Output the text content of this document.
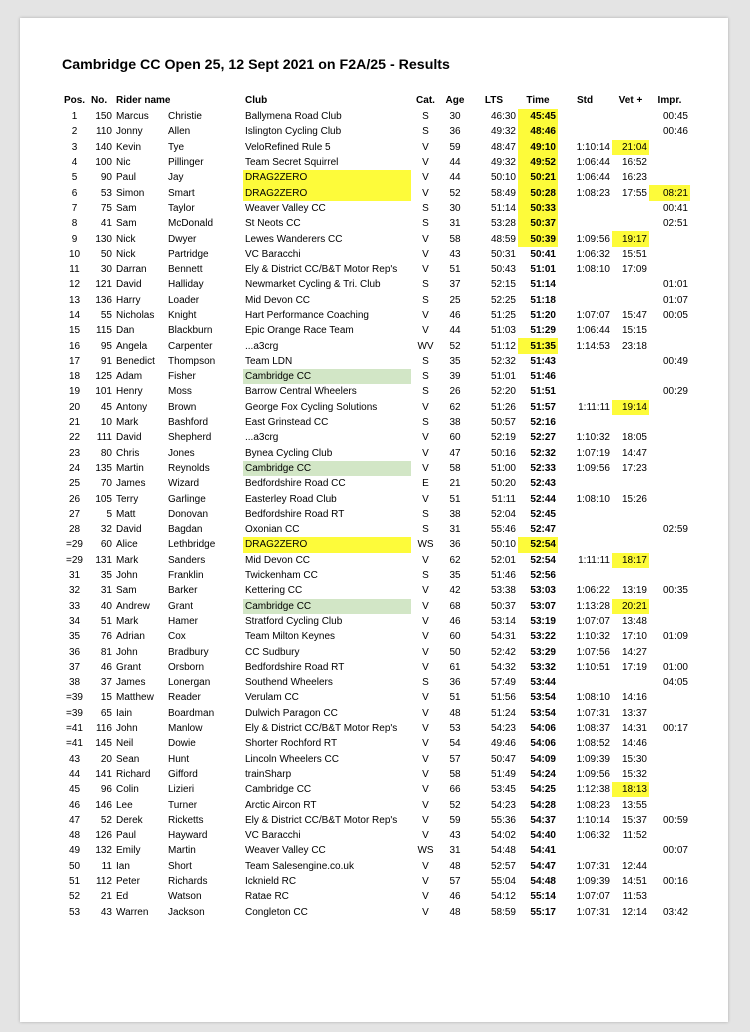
Cambridge CC Open 25, 12 Sept 2021 on F2A/25 - Results
Pos.	No.	Rider name		Club	Cat.	Age	LTS	Time	Std	Vet +	Impr.
1	150	Marcus	Christie	Ballymena Road Club	S	30	46:30	45:45			00:45
2	110	Jonny	Allen	Islington Cycling Club	S	36	49:32	48:46			00:46
3	140	Kevin	Tye	VeloRefined Rule 5	V	59	48:47	49:10	1:10:14	21:04	
4	100	Nic	Pillinger	Team Secret Squirrel	V	44	49:32	49:52	1:06:44	16:52	
5	90	Paul	Jay	DRAG2ZERO	V	44	50:10	50:21	1:06:44	16:23	
6	53	Simon	Smart	DRAG2ZERO	V	52	58:49	50:28	1:08:23	17:55	08:21
7	75	Sam	Taylor	Weaver Valley CC	S	30	51:14	50:33			00:41
8	41	Sam	McDonald	St Neots CC	S	31	53:28	50:37			02:51
9	130	Nick	Dwyer	Lewes Wanderers CC	V	58	48:59	50:39	1:09:56	19:17	
10	50	Nick	Partridge	VC Baracchi	V	43	50:31	50:41	1:06:32	15:51	
11	30	Darran	Bennett	Ely & District CC/B&T Motor Rep's	V	51	50:43	51:01	1:08:10	17:09	
12	121	David	Halliday	Newmarket Cycling & Tri. Club	S	37	52:15	51:14			01:01
13	136	Harry	Loader	Mid Devon CC	S	25	52:25	51:18			01:07
14	55	Nicholas	Knight	Hart Performance Coaching	V	46	51:25	51:20	1:07:07	15:47	00:05
15	115	Dan	Blackburn	Epic Orange Race Team	V	44	51:03	51:29	1:06:44	15:15	
16	95	Angela	Carpenter	...a3crg	WV	52	51:12	51:35	1:14:53	23:18	
17	91	Benedict	Thompson	Team LDN	S	35	52:32	51:43			00:49
18	125	Adam	Fisher	Cambridge CC	S	39	51:01	51:46			
19	101	Henry	Moss	Barrow Central Wheelers	S	26	52:20	51:51			00:29
20	45	Antony	Brown	George Fox Cycling Solutions	V	62	51:26	51:57	1:11:11	19:14	
21	10	Mark	Bashford	East Grinstead CC	S	38	50:57	52:16			
22	111	David	Shepherd	...a3crg	V	60	52:19	52:27	1:10:32	18:05	
23	80	Chris	Jones	Bynea Cycling Club	V	47	50:16	52:32	1:07:19	14:47	
24	135	Martin	Reynolds	Cambridge CC	V	58	51:00	52:33	1:09:56	17:23	
25	70	James	Wizard	Bedfordshire Road CC	E	21	50:20	52:43			
26	105	Terry	Garlinge	Easterley Road Club	V	51	51:11	52:44	1:08:10	15:26	
27	5	Matt	Donovan	Bedfordshire Road RT	S	38	52:04	52:45			
28	32	David	Bagdan	Oxonian CC	S	31	55:46	52:47			02:59
=29	60	Alice	Lethbridge	DRAG2ZERO	WS	36	50:10	52:54			
=29	131	Mark	Sanders	Mid Devon CC	V	62	52:01	52:54	1:11:11	18:17	
31	35	John	Franklin	Twickenham CC	S	35	51:46	52:56			
32	31	Sam	Barker	Kettering CC	V	42	53:38	53:03	1:06:22	13:19	00:35
33	40	Andrew	Grant	Cambridge CC	V	68	50:37	53:07	1:13:28	20:21	
34	51	Mark	Hamer	Stratford Cycling Club	V	46	53:14	53:19	1:07:07	13:48	
35	76	Adrian	Cox	Team Milton Keynes	V	60	54:31	53:22	1:10:32	17:10	01:09
36	81	John	Bradbury	CC Sudbury	V	50	52:42	53:29	1:07:56	14:27	
37	46	Grant	Orsborn	Bedfordshire Road RT	V	61	54:32	53:32	1:10:51	17:19	01:00
38	37	James	Lonergan	Southend Wheelers	S	36	57:49	53:44			04:05
=39	15	Matthew	Reader	Verulam CC	V	51	51:56	53:54	1:08:10	14:16	
=39	65	Iain	Boardman	Dulwich Paragon CC	V	48	51:24	53:54	1:07:31	13:37	
=41	116	John	Manlow	Ely & District CC/B&T Motor Rep's	V	53	54:23	54:06	1:08:37	14:31	00:17
=41	145	Neil	Dowie	Shorter Rochford RT	V	54	49:46	54:06	1:08:52	14:46	
43	20	Sean	Hunt	Lincoln Wheelers CC	V	57	50:47	54:09	1:09:39	15:30	
44	141	Richard	Gifford	trainSharp	V	58	51:49	54:24	1:09:56	15:32	
45	96	Colin	Lizieri	Cambridge CC	V	66	53:45	54:25	1:12:38	18:13	
46	146	Lee	Turner	Arctic Aircon RT	V	52	54:23	54:28	1:08:23	13:55	
47	52	Derek	Ricketts	Ely & District CC/B&T Motor Rep's	V	59	55:36	54:37	1:10:14	15:37	00:59
48	126	Paul	Hayward	VC Baracchi	V	43	54:02	54:40	1:06:32	11:52	
49	132	Emily	Martin	Weaver Valley CC	WS	31	54:48	54:41			00:07
50	11	Ian	Short	Team Salesengine.co.uk	V	48	52:57	54:47	1:07:31	12:44	
51	112	Peter	Richards	Icknield RC	V	57	55:04	54:48	1:09:39	14:51	00:16
52	21	Ed	Watson	Ratae RC	V	46	54:12	55:14	1:07:07	11:53	
53	43	Warren	Jackson	Congleton CC	V	48	58:59	55:17	1:07:31	12:14	03:42
